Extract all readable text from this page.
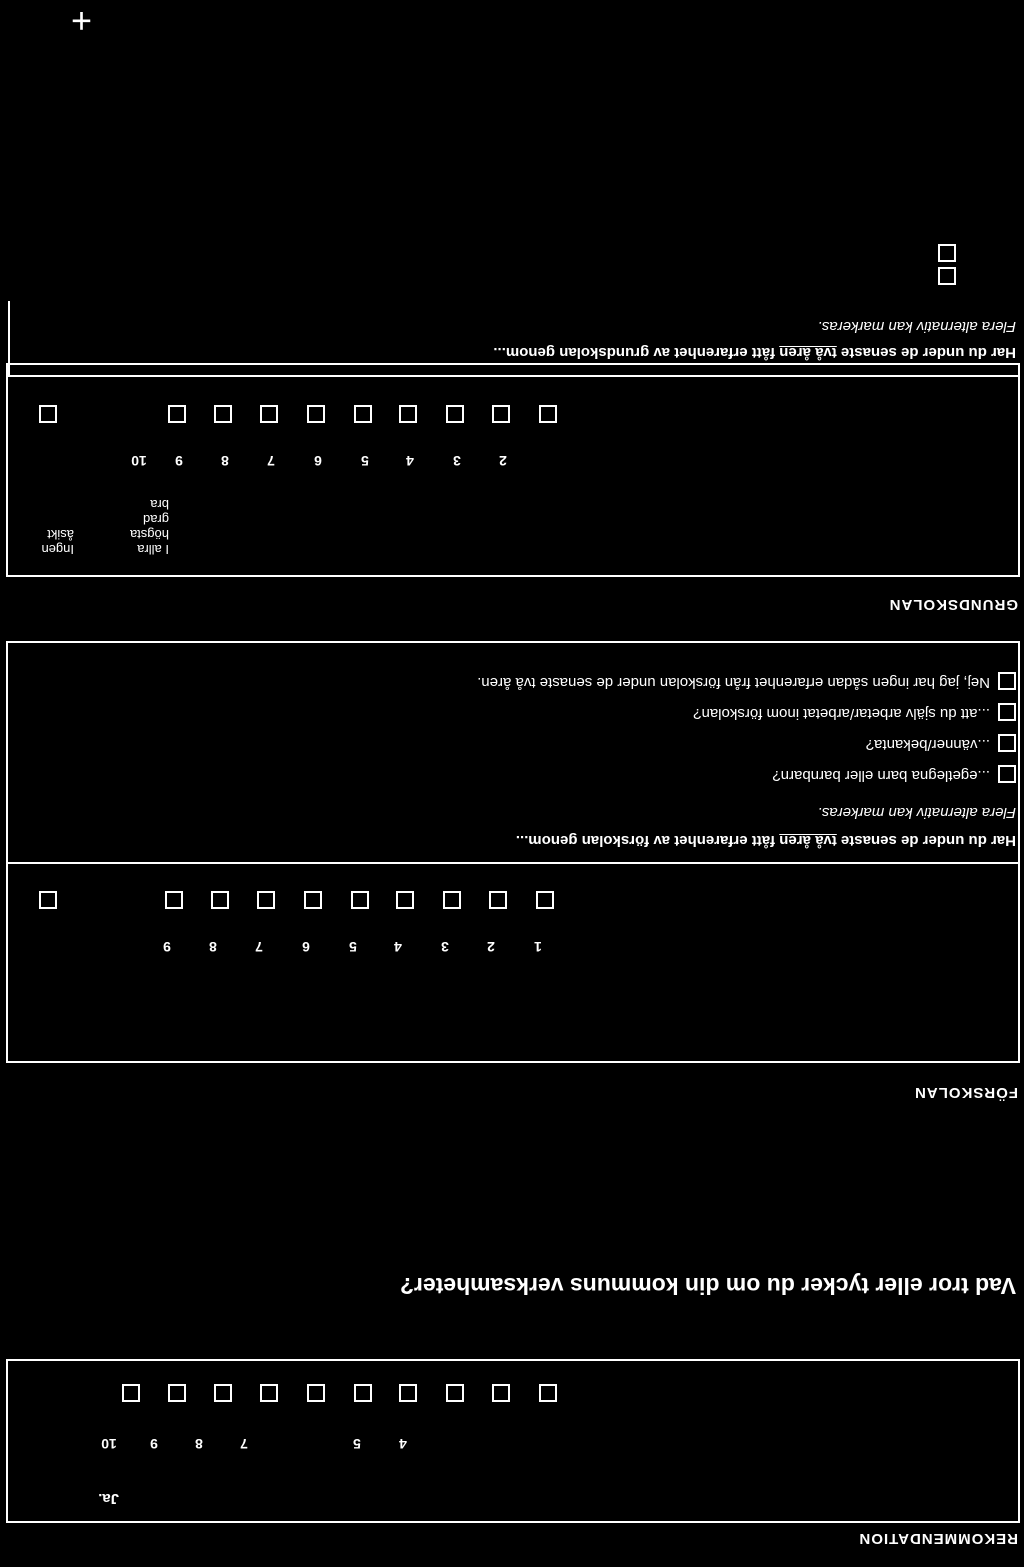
REKOMMENDATION
Ja.
4
5
7
8
9
10
Vad tror eller tycker du om din kommuns verksamheter?
FÖRSKOLAN
1
2
3
4
5
6
7
8
9
Har du under de senaste två åren fått erfarenhet av förskolan genom...
Flera alternativ kan markeras.
...egetlegna barn eller barnbarn?
...vänner/bekanta?
...att du själv arbetar/arbetat inom förskolan?
Nej, jag har ingen sådan erfarenhet från förskolan under de senaste två åren.
GRUNDSKOLAN
I allra
högsta
grad
bra
Ingen
åsikt
2
3
4
5
6
7
8
9
10
Har du under de senaste två åren fått erfarenhet av grundskolan genom...
Flera alternativ kan markeras.
+
